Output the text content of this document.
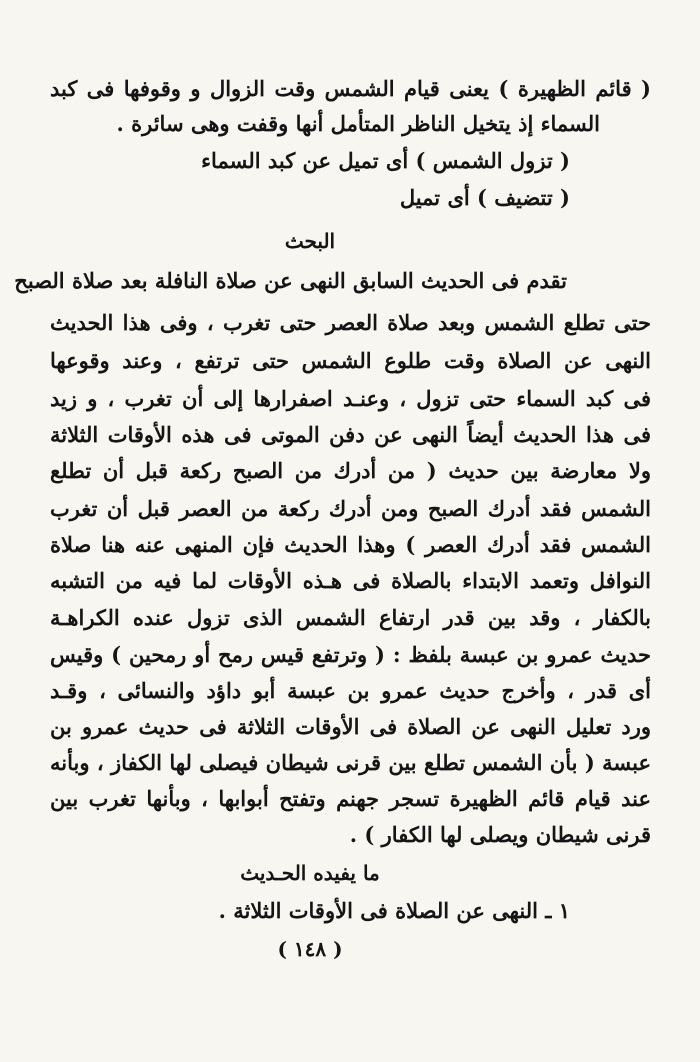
( قائم الظهيرة ) يعنى قيام الشمس وقت الزوال و وقوفها فى كبد
السماء إذ يتخيل الناظر المتأمل أنها وقفت وهى سائرة .
( تزول الشمس ) أى تميل عن كبد السماء
( تتضيف ) أى تميل
البحث
تقدم فى الحديث السابق النهى عن صلاة النافلة بعد صلاة الصبح
حتى تطلع الشمس وبعد صلاة العصر حتى تغرب ، وفى هذا الحديث
النهى عن الصلاة وقت طلوع الشمس حتى ترتفع ، وعند وقوعها
فى كبد السماء حتى تزول ، وعنـد اصفرارها إلى أن تغرب ، و زيد
فى هذا الحديث أيضاً النهى عن دفن الموتى فى هذه الأوقات الثلاثة
ولا معارضة بين حديث ( من أدرك من الصبح ركعة قبل أن تطلع
الشمس فقد أدرك الصبح ومن أدرك ركعة من العصر قبل أن تغرب
الشمس فقد أدرك العصر ) وهذا الحديث فإن المنهى عنه هنا صلاة
النوافل وتعمد الابتداء بالصلاة فى هـذه الأوقات لما فيه من التشبه
بالكفار ، وقد بين قدر ارتفاع الشمس الذى تزول عنده الكراهـة
حديث عمرو بن عبسة بلفظ : ( وترتفع قيس رمح أو رمحين ) وقيس
أى قدر ، وأخرج حديث عمرو بن عبسة أبو داؤد والنسائى ، وقـد
ورد تعليل النهى عن الصلاة فى الأوقات الثلاثة فى حديث عمرو بن
عبسة ( بأن الشمس تطلع بين قرنى شيطان فيصلى لها الكفاز ، وبأنه
عند قيام قائم الظهيرة تسجر جهنم وتفتح أبوابها ، وبأنها تغرب بين
قرنى شيطان ويصلى لها الكفار ) .
ما يفيده الحـديث
١ ـ النهى عن الصلاة فى الأوقات الثلاثة .
( ١٤٨ )
